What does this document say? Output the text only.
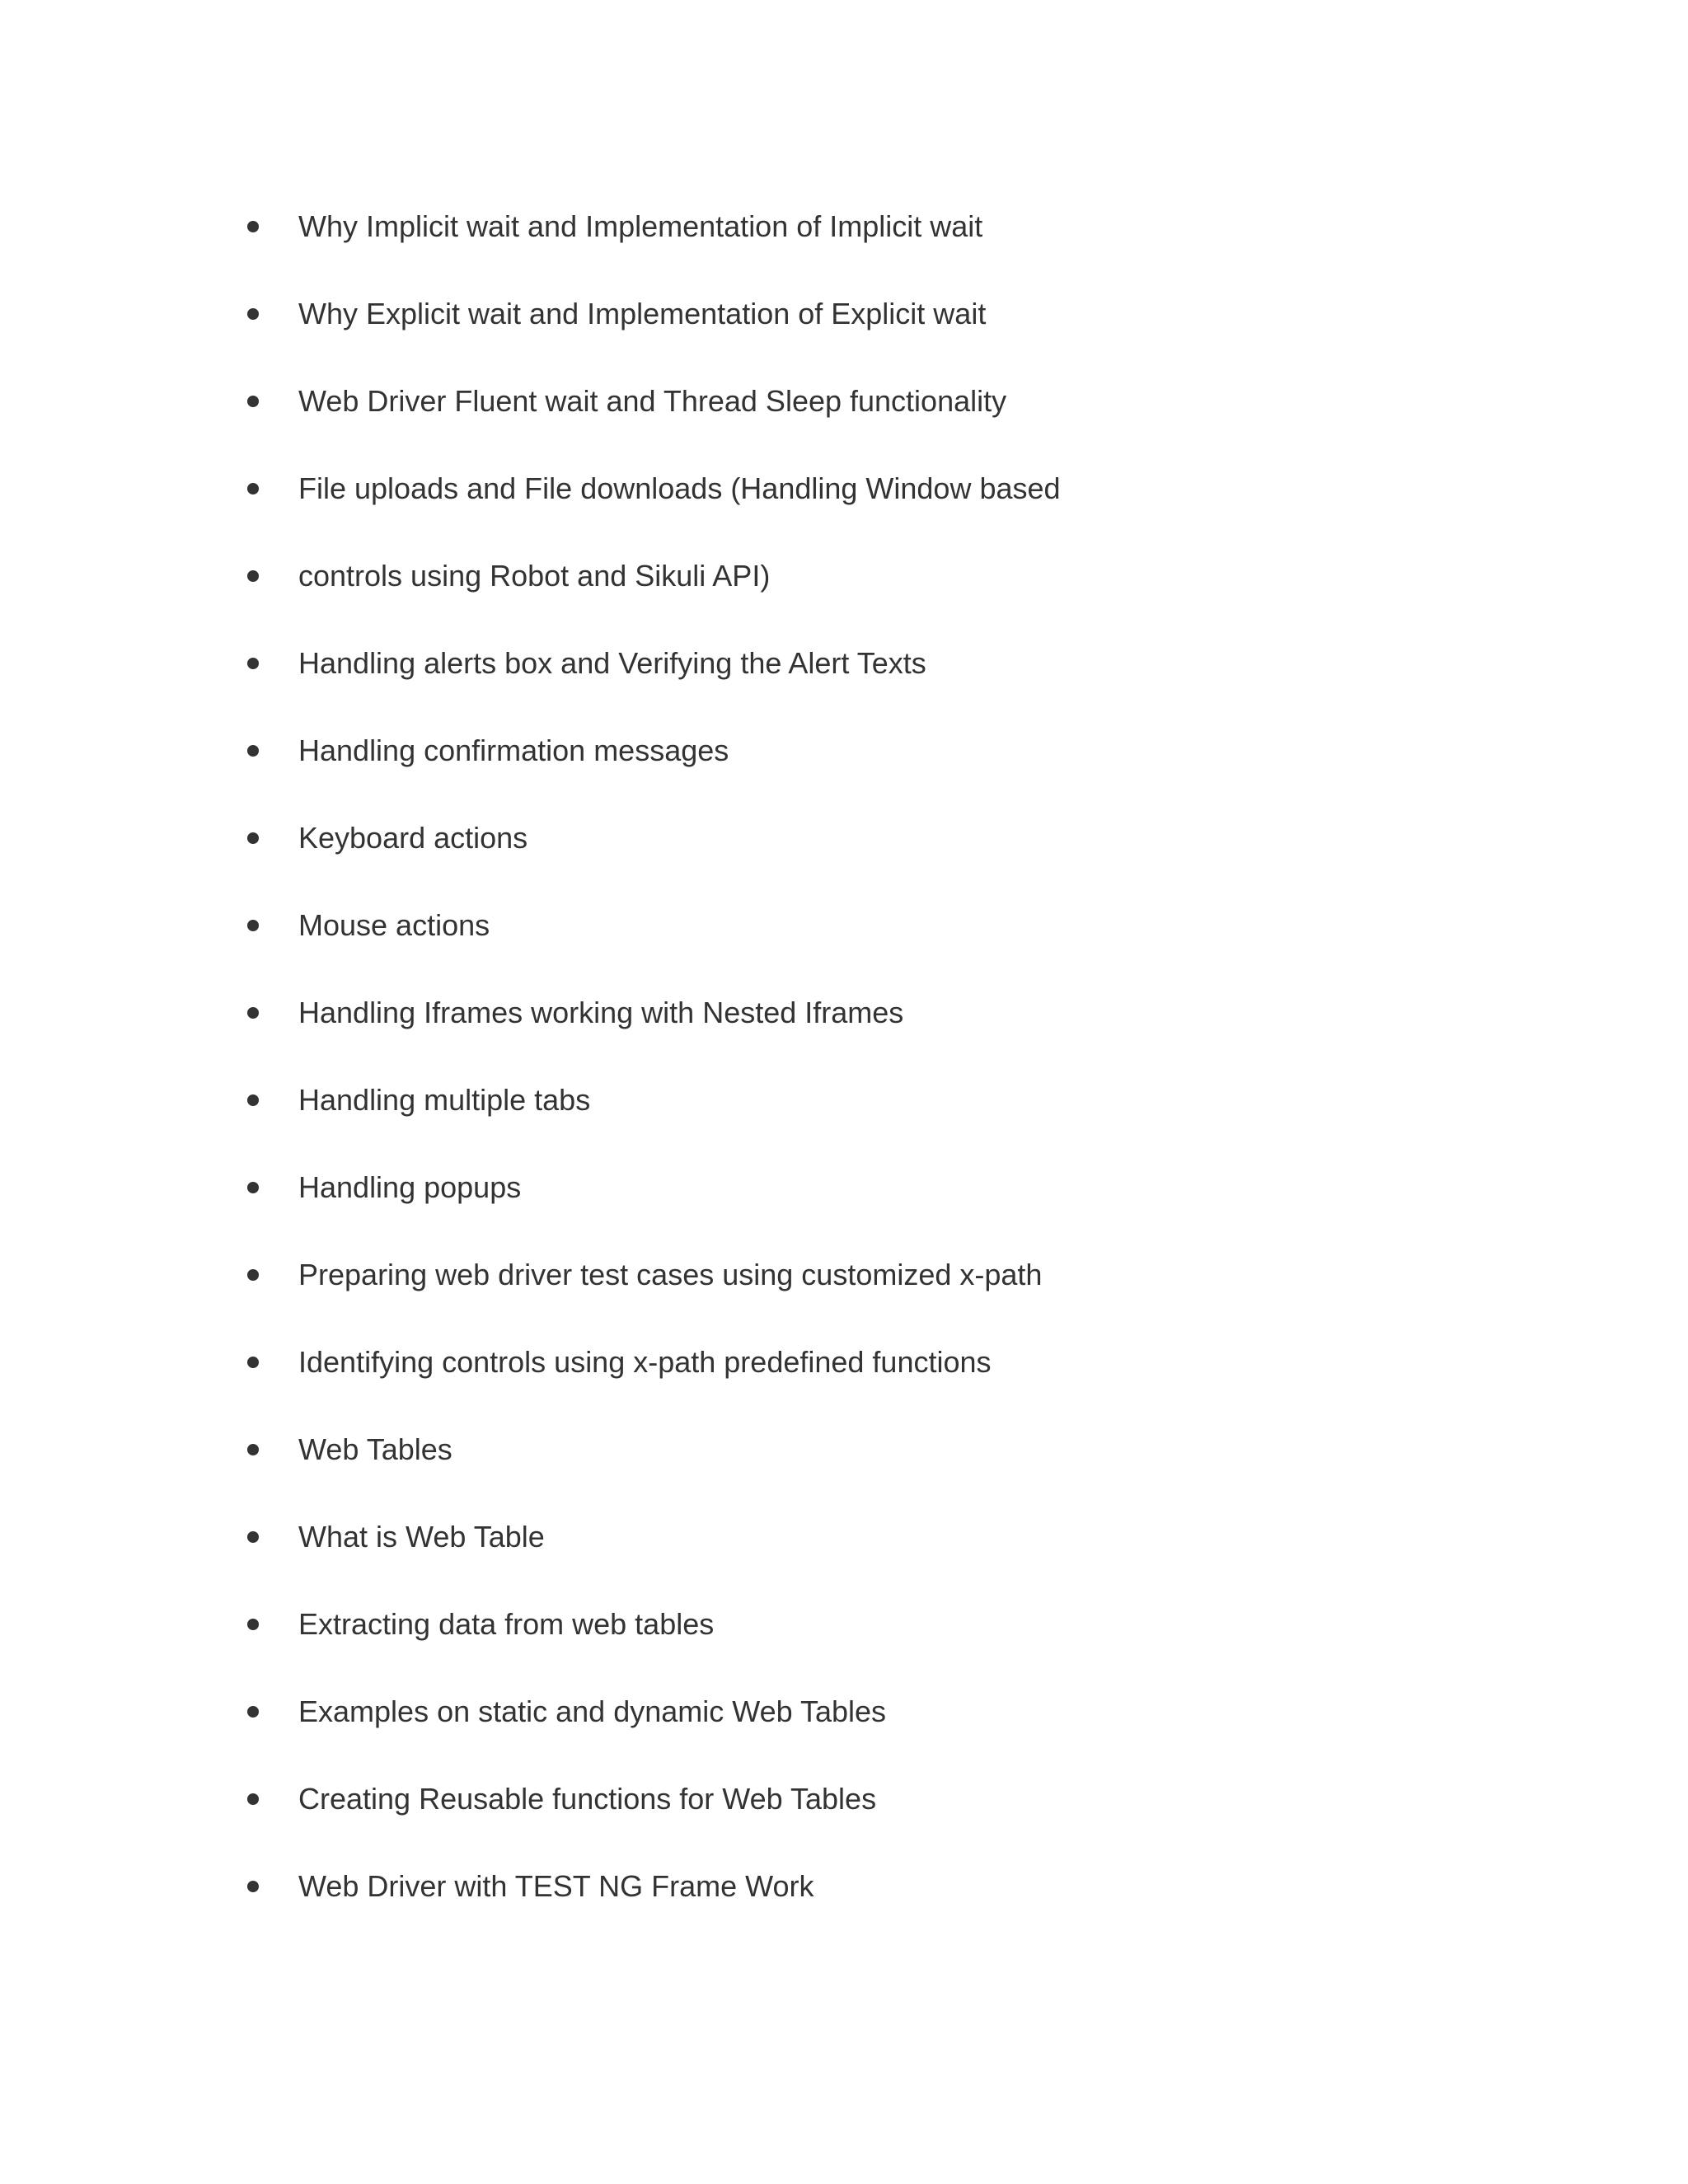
Why Implicit wait and Implementation of Implicit wait
Why Explicit wait and Implementation of Explicit wait
Web Driver Fluent wait and Thread Sleep functionality
File uploads and File downloads (Handling Window based
controls using Robot and Sikuli API)
Handling alerts box and Verifying the Alert Texts
Handling confirmation messages
Keyboard actions
Mouse actions
Handling Iframes working with Nested Iframes
Handling multiple tabs
Handling popups
Preparing web driver test cases using customized x-path
Identifying controls using x-path predefined functions
Web Tables
What is Web Table
Extracting data from web tables
Examples on static and dynamic Web Tables
Creating Reusable functions for Web Tables
Web Driver with TEST NG Frame Work
